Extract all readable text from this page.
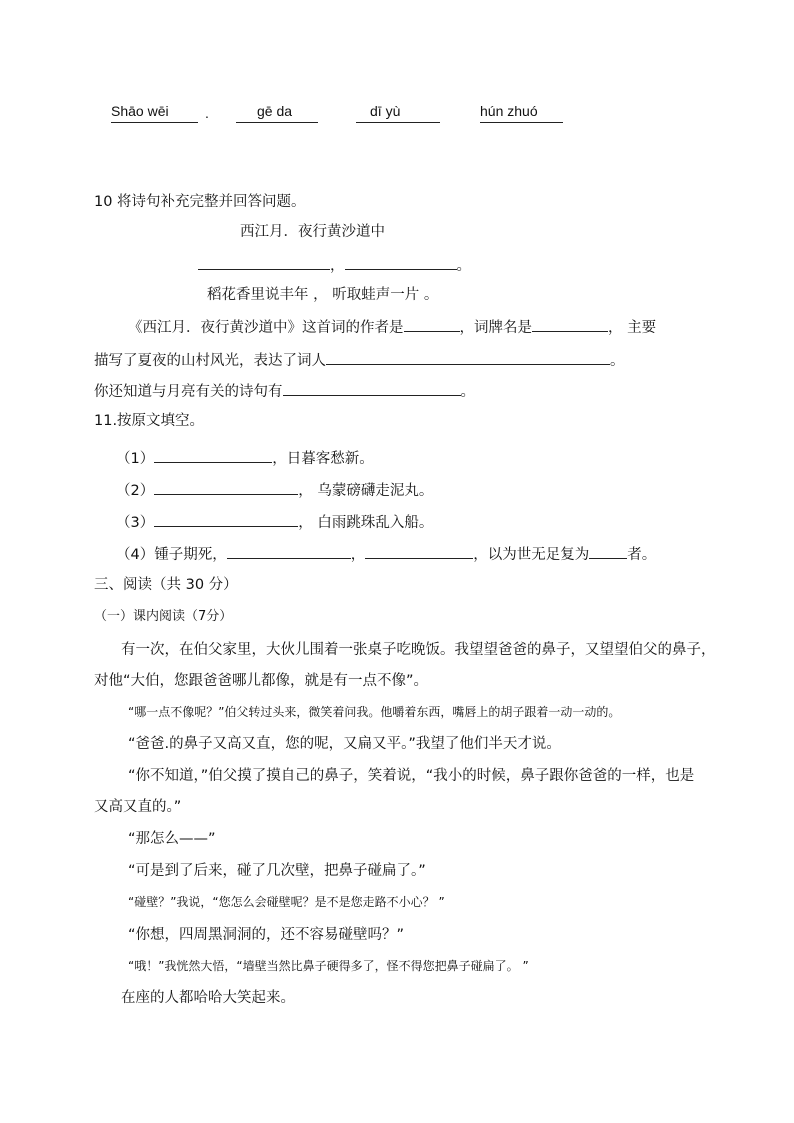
Shāo wēi	.	gē da	dī yù	hún zhuó
10 将诗句补充完整并回答问题。
西江月．夜行黄沙道中
，	。
稻花香里说丰年 ， 听取蛙声一片 。
《西江月．夜行黄沙道中》这首词的作者是	，词牌名是	， 主要
描写了夏夜的山村风光，表达了词人	。
你还知道与月亮有关的诗句有	。
11.按原文填空。
（1）	，日暮客愁新。
（2）	， 乌蒙磅礴走泥丸。
（3）	， 白雨跳珠乱入船。
（4）锺子期死，	，	，以为世无足复为	者。
三、阅读（共 30 分）
（一）课内阅读（7分）
有一次，在伯父家里，大伙儿围着一张桌子吃晚饭。我望望爸爸的鼻子，又望望伯父的鼻子，
对他“大伯，您跟爸爸哪儿都像，就是有一点不像”。
“哪一点不像呢？”伯父转过头来，微笑着问我。他嚼着东西，嘴唇上的胡子跟着一动一动的。
“爸爸.的鼻子又高又直，您的呢，又扁又平。”我望了他们半天才说。
“你不知道，”伯父摸了摸自己的鼻子，笑着说，“我小的时候，鼻子跟你爸爸的一样，也是
又高又直的。”
“那怎么——”
“可是到了后来，碰了几次壁，把鼻子碰扁了。”
“碰壁？”我说，“您怎么会碰壁呢？是不是您走路不小心？ ”
“你想，四周黑洞洞的，还不容易碰壁吗？”
“哦！”我恍然大悟，“墙壁当然比鼻子硬得多了，怪不得您把鼻子碰扁了。 ”
在座的人都哈哈大笑起来。
